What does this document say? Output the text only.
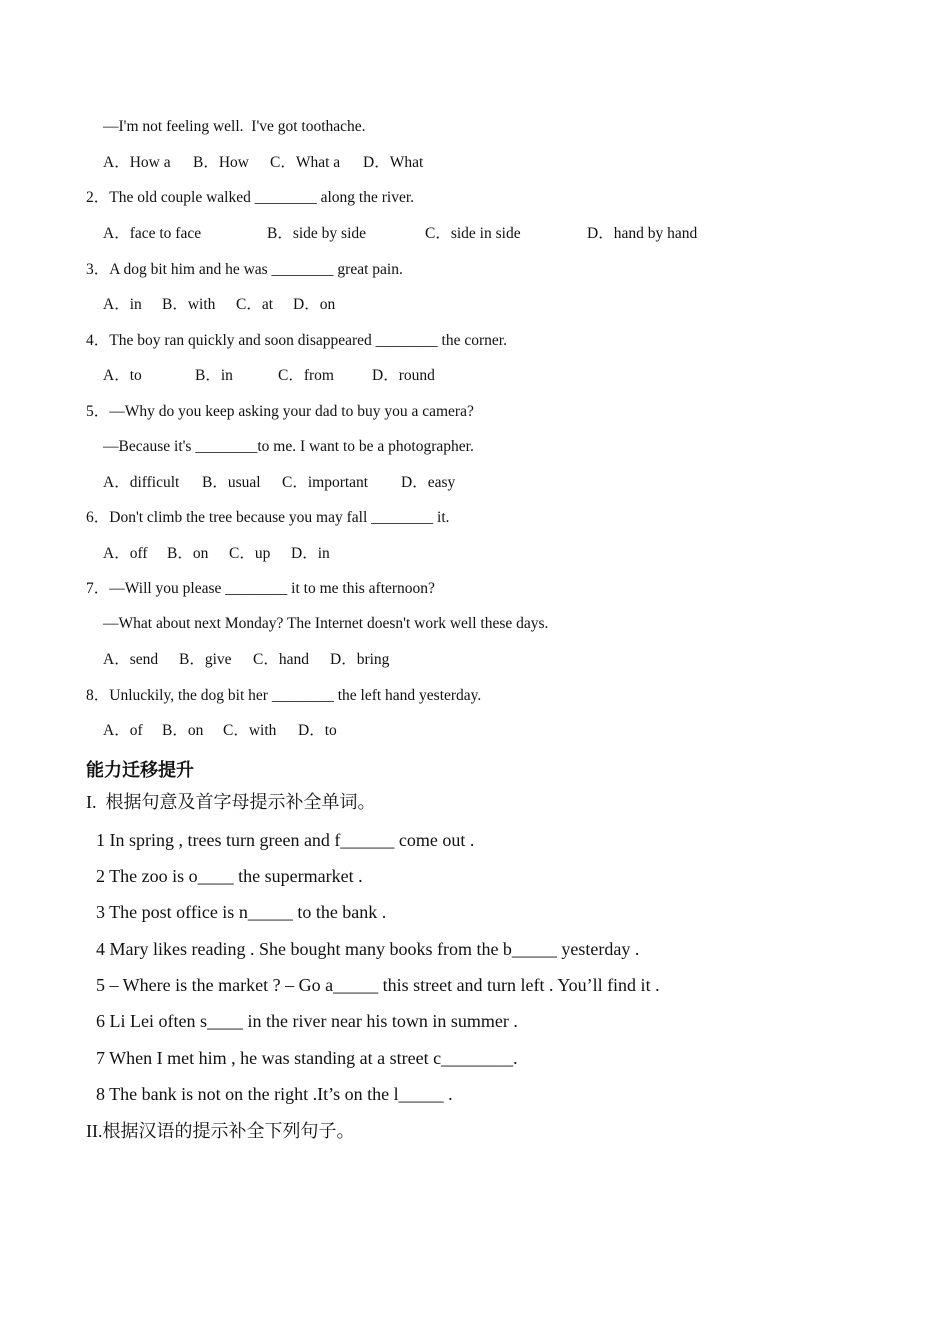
—I'm not feeling well.  I've got toothache.
A．How a B．How C．What a D．What
2．The old couple walked ________ along the river.
A．face to face	B．side by side	C．side in side	D．hand by hand
3．A dog bit him and he was ________ great pain.
A．in B．with C．at D．on
4．The boy ran quickly and soon disappeared ________ the corner.
A．to	B．in	C．from D．round
5．—Why do you keep asking your dad to buy you a camera?
—Because it's ________to me. I want to be a photographer.
A．difficult B．usual C．important D．easy
6．Don't climb the tree because you may fall ________ it.
A．off B．on C．up D．in
7．—Will you please ________ it to me this afternoon?
—What about next Monday? The Internet doesn't work well these days.
A．send B．give C．hand D．bring
8．Unluckily, the dog bit her ________ the left hand yesterday.
A．of B．on C．with D．to
能力迁移提升
I.  根据句意及首字母提示补全单词。
1 In spring , trees turn green and f______ come out .
2 The zoo is o____ the supermarket .
3 The post office is n_____ to the bank .
4 Mary likes reading . She bought many books from the b_____ yesterday .
5 – Where is the market ? – Go a_____ this street and turn left . You’ll find it .
6 Li Lei often s____ in the river near his town in summer .
7 When I met him , he was standing at a street c________.
8 The bank is not on the right .It’s on the l_____ .
II.根据汉语的提示补全下列句子。
